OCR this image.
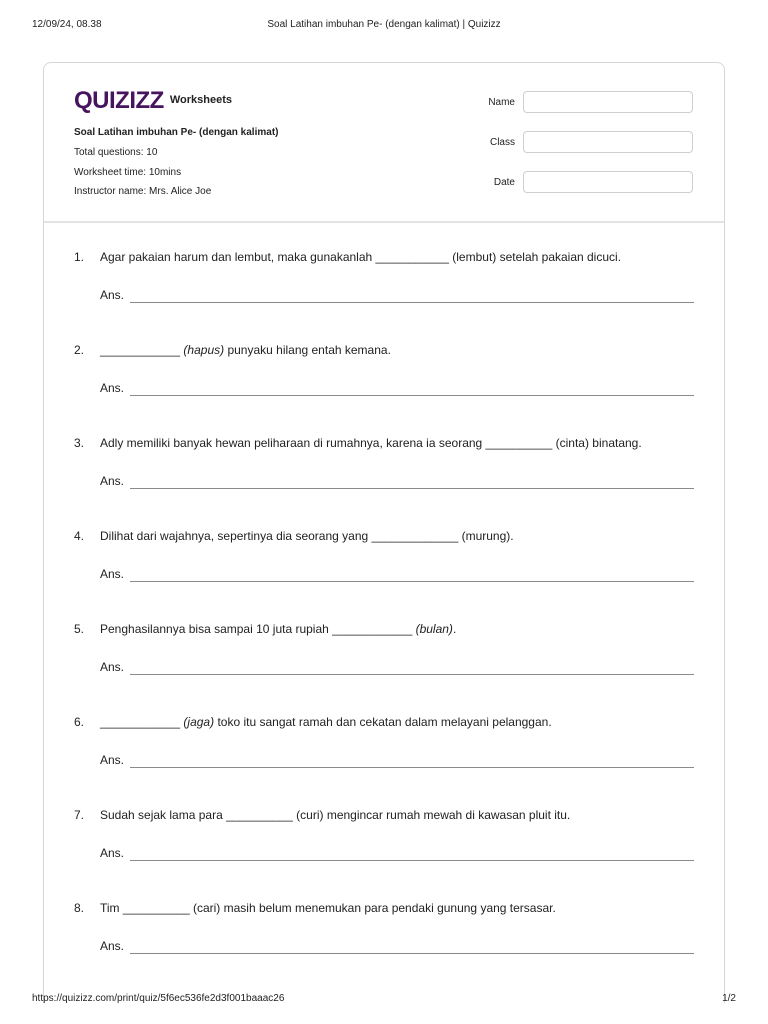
12/09/24, 08.38	Soal Latihan imbuhan Pe- (dengan kalimat) | Quizizz
QUIZIZZ Worksheets
Soal Latihan imbuhan Pe- (dengan kalimat)
Total questions: 10
Worksheet time: 10mins
Instructor name: Mrs. Alice Joe
Name
Class
Date
1. Agar pakaian harum dan lembut, maka gunakanlah ___________ (lembut) setelah pakaian dicuci.
Ans.
2. ____________ (hapus) punyaku hilang entah kemana.
Ans.
3. Adly memiliki banyak hewan peliharaan di rumahnya, karena ia seorang __________ (cinta) binatang.
Ans.
4. Dilihat dari wajahnya, sepertinya dia seorang yang _____________ (murung).
Ans.
5. Penghasilannya bisa sampai 10 juta rupiah ____________ (bulan).
Ans.
6. ____________ (jaga) toko itu sangat ramah dan cekatan dalam melayani pelanggan.
Ans.
7. Sudah sejak lama para __________ (curi) mengincar rumah mewah di kawasan pluit itu.
Ans.
8. Tim __________ (cari) masih belum menemukan para pendaki gunung yang tersasar.
Ans.
https://quizizz.com/print/quiz/5f6ec536fe2d3f001baaac26	1/2
